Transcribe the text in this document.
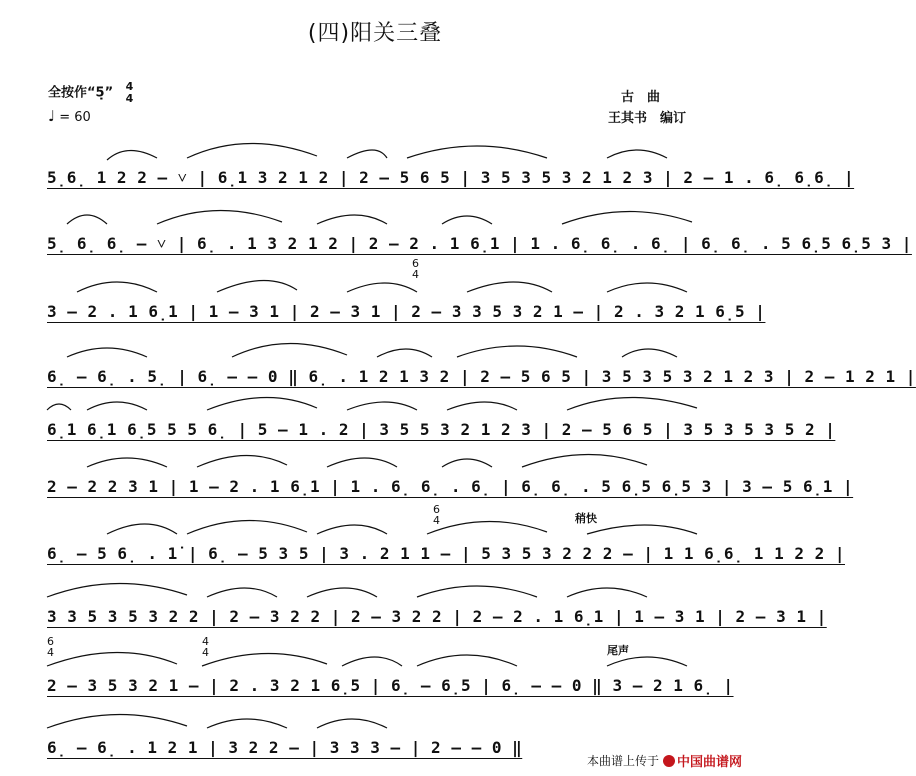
(四)阳关三叠
全按作“5̣” 4
4
♩ = 60
古　曲
王其书　编订
5̣6̣ 1 2 2 – ˅ | 6̣1 3 2 1 2 | 2 – 5 6 5 | 3 5 3 5 3 2 1 2 3 | 2 – 1 . 6̣ 6̣6̣ |
5̣ 6̣ 6̣ – ˅ | 6̣ . 1 3 2 1 2 | 2 – 2 . 1 6̣1 | 1 . 6̣ 6̣ . 6̣ | 6̣ 6̣ . 5 6̣5 6̣5 3 |
3 – 2 . 1 6̣1 | 1 – 3 1 | 2 – 3 1 | 2 – 3 3 5 3 2 1 – | 2 . 3 2 1 6̣5 |
6
4
6̣ – 6̣ . 5̣ | 6̣ – – 0 ‖ 6̣ . 1 2 1 3 2 | 2 – 5 6 5 | 3 5 3 5 3 2 1 2 3 | 2 – 1 2 1 |
6̣1 6̣1 6̣5 5 5 6̣ | 5 – 1 . 2 | 3 5 5 3 2 1 2 3 | 2 – 5 6 5 | 3 5 3 5 3 5 2 |
2 – 2 2 3 1 | 1 – 2 . 1 6̣1 | 1 . 6̣ 6̣ . 6̣ | 6̣ 6̣ . 5 6̣5 6̣5 3 | 3 – 5 6̣1 |
6̣ – 5 6̣ . 1̇ | 6̣ – 5 3 5 | 3 . 2 1 1 – | 5 3 5 3 2 2 2 – | 1 1 6̣6̣ 1 1 2 2 |
6
4	稍快
3 3 5 3 5 3 2 2 | 2 – 3 2 2 | 2 – 3 2 2 | 2 – 2 . 1 6̣1 | 1 – 3 1 | 2 – 3 1 |
2 – 3 5 3 2 1 – | 2 . 3 2 1 6̣5 | 6̣ – 6̣5 | 6̣ – – 0 ‖ 3 – 2 1 6̣ |
6
4
4
4	尾声
6̣ – 6̣ . 1 2 1 | 3 2 2 – | 3 3 3 – | 2 – – 0 ‖
本曲谱上传于 中国曲谱网
